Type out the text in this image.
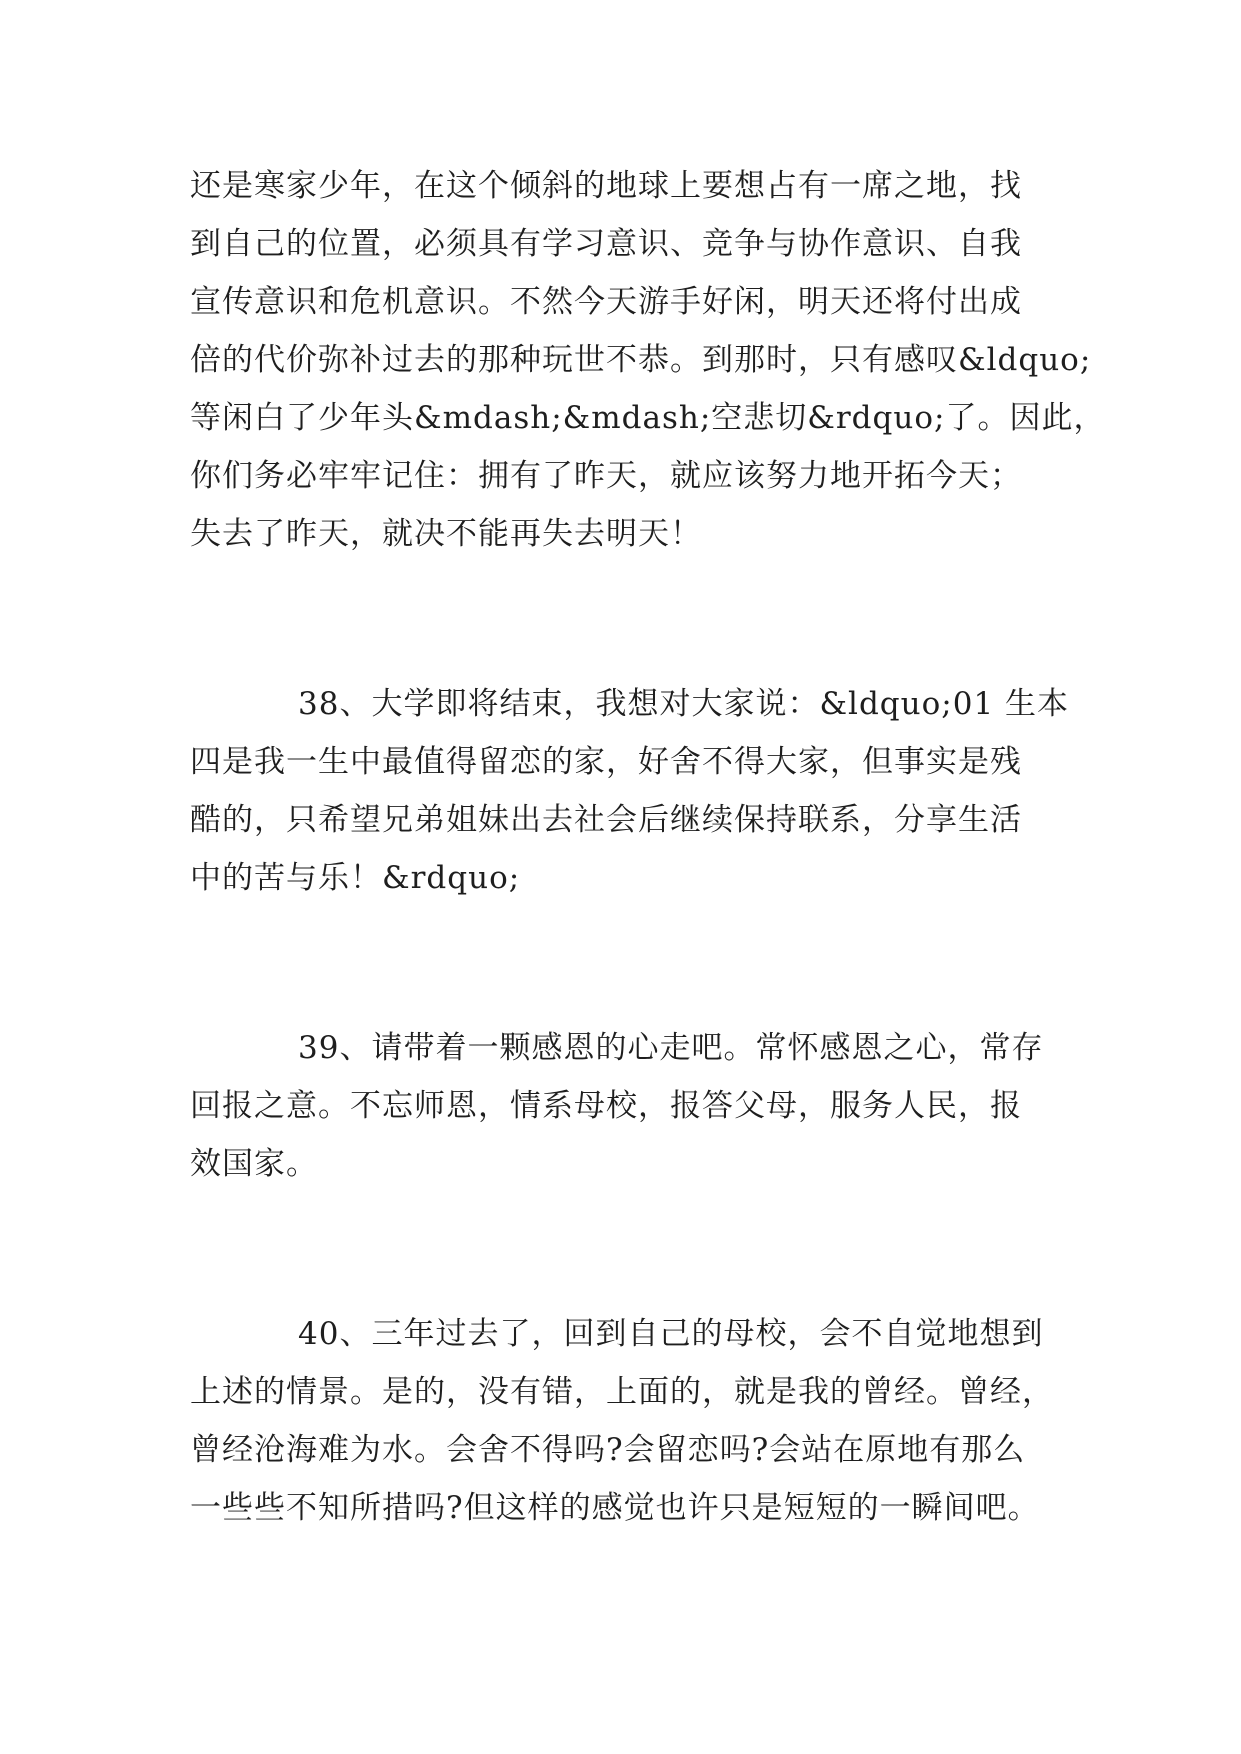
还是寒家少年，在这个倾斜的地球上要想占有一席之地，找
到自己的位置，必须具有学习意识、竞争与协作意识、自我
宣传意识和危机意识。不然今天游手好闲，明天还将付出成
倍的代价弥补过去的那种玩世不恭。到那时，只有感叹&ldquo;
等闲白了少年头&mdash;&mdash;空悲切&rdquo;了。因此，
你们务必牢牢记住：拥有了昨天，就应该努力地开拓今天；
失去了昨天，就决不能再失去明天！
38、大学即将结束，我想对大家说：&ldquo;01 生本
四是我一生中最值得留恋的家，好舍不得大家，但事实是残
酷的，只希望兄弟姐妹出去社会后继续保持联系，分享生活
中的苦与乐！&rdquo;
39、请带着一颗感恩的心走吧。常怀感恩之心，常存
回报之意。不忘师恩，情系母校，报答父母，服务人民，报
效国家。
40、三年过去了，回到自己的母校，会不自觉地想到
上述的情景。是的，没有错，上面的，就是我的曾经。曾经，
曾经沧海难为水。会舍不得吗?会留恋吗?会站在原地有那么
一些些不知所措吗?但这样的感觉也许只是短短的一瞬间吧。
